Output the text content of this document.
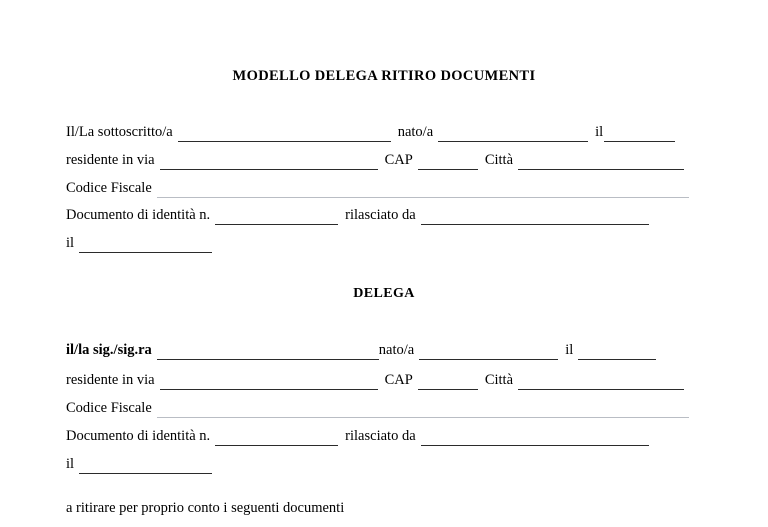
MODELLO DELEGA RITIRO DOCUMENTI
Il/La sottoscritto/a	nato/a	il
residente in via	CAP	Città
Codice Fiscale
Documento di identità n.	rilasciato da
il
DELEGA
il/la sig./sig.ra	nato/a	il
residente in via	CAP	Città
Codice Fiscale
Documento di identità n.	rilasciato da
il
a ritirare per proprio conto i seguenti documenti
